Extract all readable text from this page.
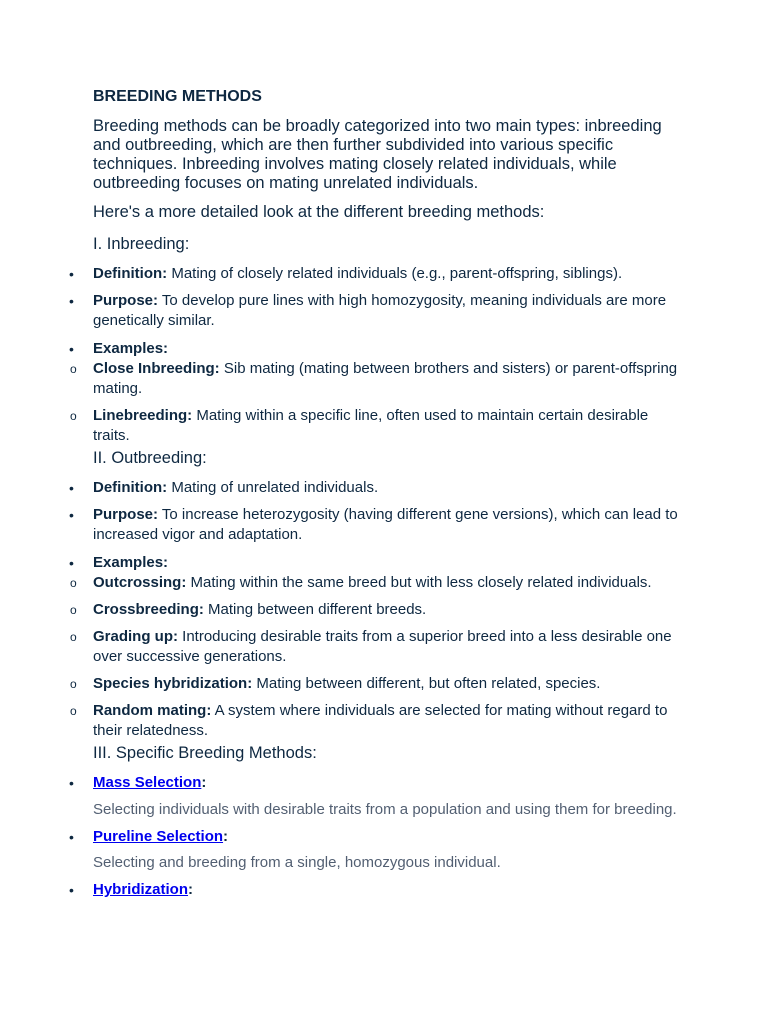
BREEDING METHODS
Breeding methods can be broadly categorized into two main types: inbreeding and outbreeding, which are then further subdivided into various specific techniques. Inbreeding involves mating closely related individuals, while outbreeding focuses on mating unrelated individuals.
Here's a more detailed look at the different breeding methods:
I. Inbreeding:
• Definition: Mating of closely related individuals (e.g., parent-offspring, siblings).
• Purpose: To develop pure lines with high homozygosity, meaning individuals are more genetically similar.
• Examples:
o Close Inbreeding: Sib mating (mating between brothers and sisters) or parent-offspring mating.
o Linebreeding: Mating within a specific line, often used to maintain certain desirable traits.
II. Outbreeding:
• Definition: Mating of unrelated individuals.
• Purpose: To increase heterozygosity (having different gene versions), which can lead to increased vigor and adaptation.
• Examples:
o Outcrossing: Mating within the same breed but with less closely related individuals.
o Crossbreeding: Mating between different breeds.
o Grading up: Introducing desirable traits from a superior breed into a less desirable one over successive generations.
o Species hybridization: Mating between different, but often related, species.
o Random mating: A system where individuals are selected for mating without regard to their relatedness.
III. Specific Breeding Methods:
• Mass Selection:
Selecting individuals with desirable traits from a population and using them for breeding.
• Pureline Selection:
Selecting and breeding from a single, homozygous individual.
• Hybridization:
